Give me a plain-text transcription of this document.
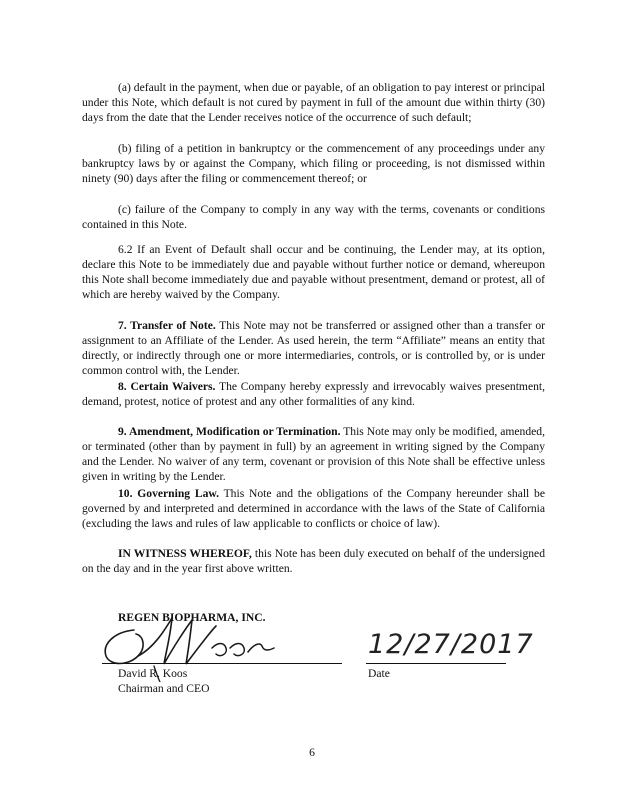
(a) default in the payment, when due or payable, of an obligation to pay interest or principal under this Note, which default is not cured by payment in full of the amount due within thirty (30) days from the date that the Lender receives notice of the occurrence of such default;

(b) filing of a petition in bankruptcy or the commencement of any proceedings under any bankruptcy laws by or against the Company, which filing or proceeding, is not dismissed within ninety (90) days after the filing or commencement thereof; or

(c) failure of the Company to comply in any way with the terms, covenants or conditions contained in this Note.

6.2 If an Event of Default shall occur and be continuing, the Lender may, at its option, declare this Note to be immediately due and payable without further notice or demand, whereupon this Note shall become immediately due and payable without presentment, demand or protest, all of which are hereby waived by the Company.

7. Transfer of Note. This Note may not be transferred or assigned other than a transfer or assignment to an Affiliate of the Lender. As used herein, the term “Affiliate” means an entity that directly, or indirectly through one or more intermediaries, controls, or is controlled by, or is under common control with, the Lender.

8. Certain Waivers. The Company hereby expressly and irrevocably waives presentment, demand, protest, notice of protest and any other formalities of any kind.

9. Amendment, Modification or Termination. This Note may only be modified, amended, or terminated (other than by payment in full) by an agreement in writing signed by the Company and the Lender. No waiver of any term, covenant or provision of this Note shall be effective unless given in writing by the Lender.

10. Governing Law. This Note and the obligations of the Company hereunder shall be governed by and interpreted and determined in accordance with the laws of the State of California (excluding the laws and rules of law applicable to conflicts or choice of law).

IN WITNESS WHEREOF, this Note has been duly executed on behalf of the undersigned on the day and in the year first above written.

REGEN BIOPHARMA, INC.
12/27/2017
David R. Koos
Chairman and CEO
Date
6
